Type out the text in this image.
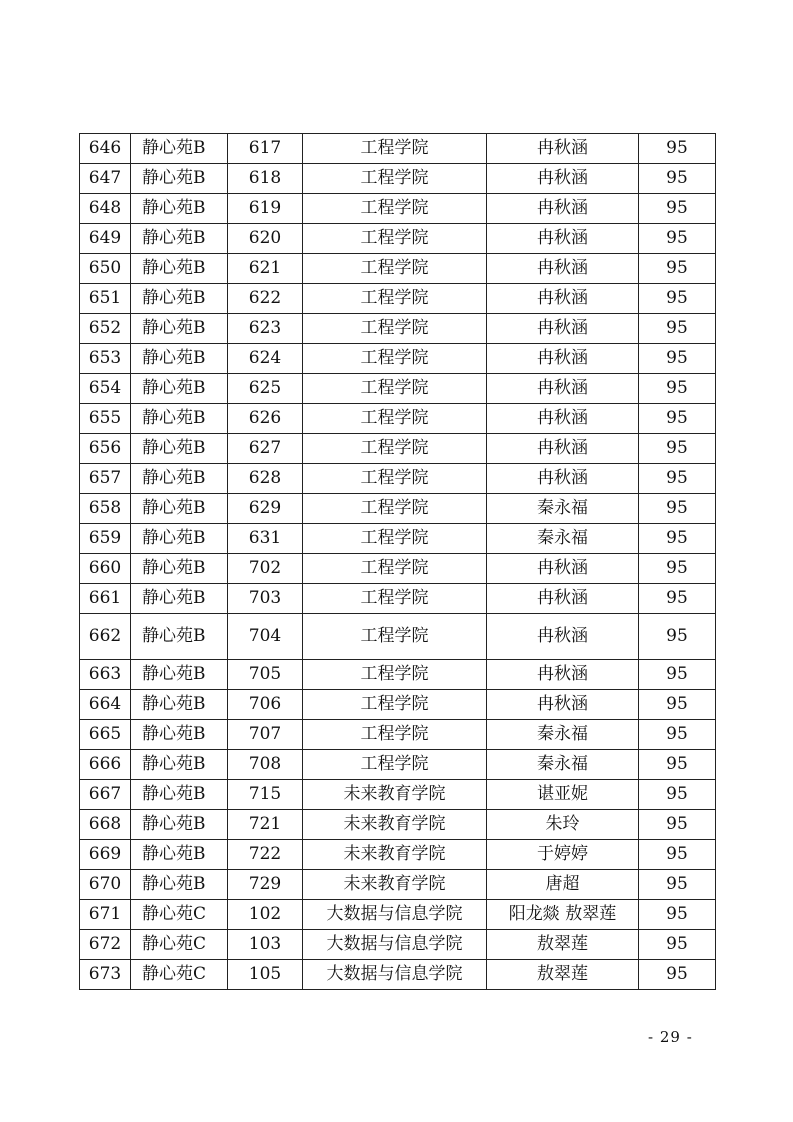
646	静心苑B	617	工程学院	冉秋涵	95
647	静心苑B	618	工程学院	冉秋涵	95
648	静心苑B	619	工程学院	冉秋涵	95
649	静心苑B	620	工程学院	冉秋涵	95
650	静心苑B	621	工程学院	冉秋涵	95
651	静心苑B	622	工程学院	冉秋涵	95
652	静心苑B	623	工程学院	冉秋涵	95
653	静心苑B	624	工程学院	冉秋涵	95
654	静心苑B	625	工程学院	冉秋涵	95
655	静心苑B	626	工程学院	冉秋涵	95
656	静心苑B	627	工程学院	冉秋涵	95
657	静心苑B	628	工程学院	冉秋涵	95
658	静心苑B	629	工程学院	秦永福	95
659	静心苑B	631	工程学院	秦永福	95
660	静心苑B	702	工程学院	冉秋涵	95
661	静心苑B	703	工程学院	冉秋涵	95
662	静心苑B	704	工程学院	冉秋涵	95
663	静心苑B	705	工程学院	冉秋涵	95
664	静心苑B	706	工程学院	冉秋涵	95
665	静心苑B	707	工程学院	秦永福	95
666	静心苑B	708	工程学院	秦永福	95
667	静心苑B	715	未来教育学院	谌亚妮	95
668	静心苑B	721	未来教育学院	朱玲	95
669	静心苑B	722	未来教育学院	于婷婷	95
670	静心苑B	729	未来教育学院	唐超	95
671	静心苑C	102	大数据与信息学院	阳龙燚 敖翠莲	95
672	静心苑C	103	大数据与信息学院	敖翠莲	95
673	静心苑C	105	大数据与信息学院	敖翠莲	95
- 29 -
